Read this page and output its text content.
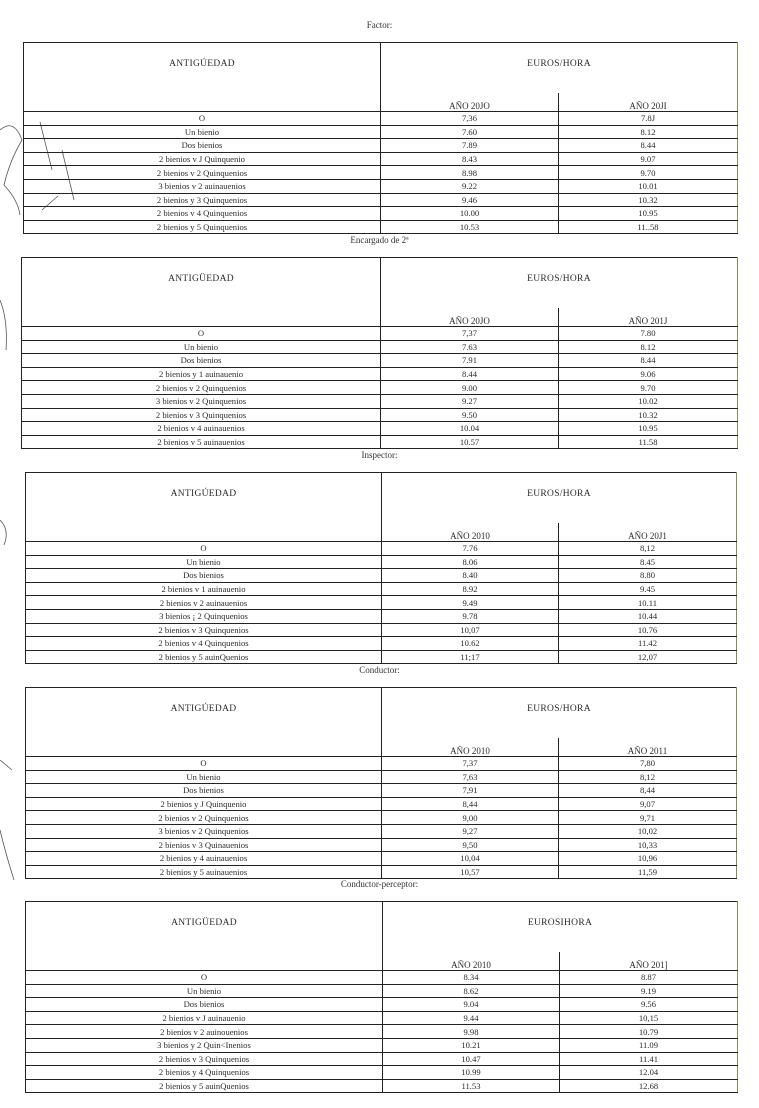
Factor:
ANTIGÚEDAD	EUROS/HORA	
	AÑO 20JO	AÑO 20JI
O	7,36	7.8J
Un bienio	7.60	8.12
Dos bienios	7.89	8.44
2 bienios v J Quinquenio	8.43	9.07
2 bienios v 2 Quinquenios	8.98	9.70
3 bienios v 2 auinauenios	9.22	10.01
2 bienios y 3 Quinquenios	9.46	10.32
2 bienios v 4 Quinquenios	10.00	10.95
2 bienios y 5 Quinquenios	10.53	11..58
Encargado de 2ª
ANTIGÜEDAD	EUROS/HORA	
	AÑO 20JO	AÑO 201J
O	7,37	7.80
Un bienio	7.63	8.12
Dos bienios	7.91	8.44
2 bienios y 1 auinauenio	8.44	9.06
2 bienios v 2 Quinquenios	9.00	9.70
3 bienios v 2 Quinquenios	9.27	10.02
2 bienios v 3 Quinquenios	9.50	10.32
2 bienios v 4 auinauenios	10.04	10.95
2 bienios v 5 auinauenios	10.57	11.58
Inspector:
ANTIGÚEDAD	EUROS/HORA	
	AÑO 2010	AÑO 20J1
O	7.76	8,12
Un bienio	8.06	8.45
Dos bienios	8.40	8.80
2 bienios v 1 auinauenio	8.92	9.45
2 bienios v 2 auinauenios	9.49	10.11
3 bienios ¡ 2 Quinquenios	9.78	10.44
2 bienios v 3 Quinquenios	10,07	10.76
2 bienios v 4 Quinquenios	10.62	11.42
2 bienios y 5 auinQuenios	11;17	12,07
Conductor:
ANTIGÚEDAD	EUROS/HORA	
	AÑO 2010	AÑO 2011
O	7,37	7,80
Un bienio	7,63	8,12
Dos bienios	7,91	8,44
2 bienios y J Quinquenio	8,44	9,07
2 bienios v 2 Quinquenios	9,00	9,71
3 bienios v 2 Quinquenios	9,27	10,02
2 bienios v 3 Quinauenios	9,50	10,33
2 bienios y 4 auinauenios	10,04	10,96
2 bienios y 5 auinauenios	10,57	11,59
Conductor-perceptor:
ANTIGÜEDAD	EUROSIHORA	
	AÑO 2010	AÑO 201]
O	8.34	8.87
Un bienio	8.62	9.19
Dos bienios	9.04	9.56
2 bienios v J auinauenio	9.44	10,15
2 bienios v 2 auinouenios	9.98	10.79
3 bienios y 2 Quin<Inenios	10.21	11.09
2 bienios v 3 Quinquenios	10.47	11.41
2 bienios y 4 Quinquenios	10.99	12.04
2 bienios y 5 auinQuenios	11.53	12.68
